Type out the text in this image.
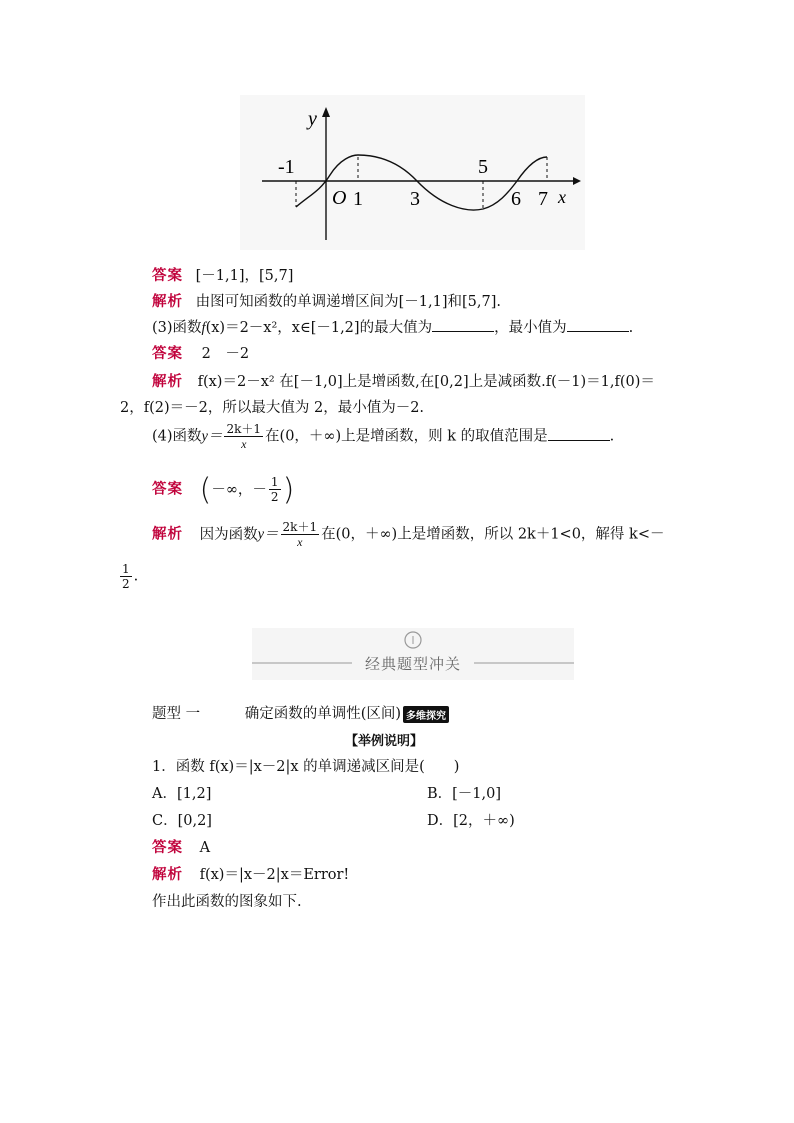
y
x
O
-1
1 3
5
6 7
答案 [－1,1]，[5,7]
解析 由图可知函数的单调递增区间为[－1,1]和[5,7].
(3)函数f(x)＝2－x²，x∈[－1,2]的最大值为	，最小值为	.
答案 2　－2
解析 f(x)＝2－x² 在[－1,0]上是增函数,在[0,2]上是减函数.f(－1)＝1,f(0)＝
2，f(2)＝－2，所以最大值为 2，最小值为－2.
(4)函数$y= \frac{2k+1}{x}$ 在(0，＋∞)上是增函数，则 k 的取值范围是	.
答案 (－∞，－ $\frac{1}{2}$ )
解析 因为函数$y= \frac{2k+1}{x}$ 在(0，＋∞)上是增函数，所以 2k＋1<0，解得 k<－
$\frac{1}{2}$ .
经典题型冲关
题型 一	确定函数的单调性(区间) 多维探究
【举例说明】
1．函数 f(x)＝|x－2|x 的单调递减区间是(　　)
A．[1,2]	B．[－1,0]
C．[0,2]	D．[2，＋∞)
答案 A
解析 f(x)＝|x－2|x＝Error!
作出此函数的图象如下.
